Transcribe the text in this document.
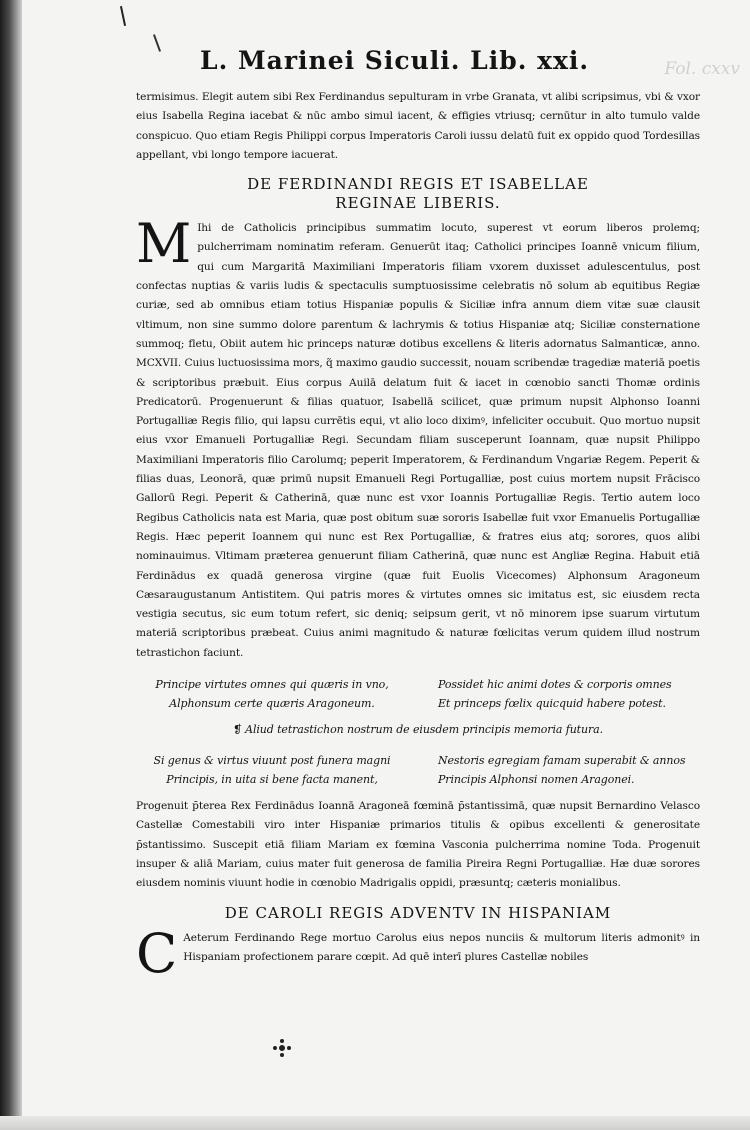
Fol. cxxv
L. Marinei Siculi. Lib. xxi.

termisimus. Elegit autem sibi Rex Ferdinandus sepulturam in vrbe Granata, vt alibi scripsimus, vbi & vxor eius Isabella Regina iacebat & nūc ambo simul iacent, & effigies vtriusq; cernūtur in alto tumulo valde conspicuo. Quo etiam Regis Philippi corpus Imperatoris Caroli iussu delatū fuit ex oppido quod Tordesillas appellant, vbi longo tempore iacuerat.

DE FERDINANDI REGIS ET ISABELLAE
REGINAE LIBERIS.

M Ihi de Catholicis principibus summatim locuto, superest vt eorum liberos prolemq; pulcherrimam nominatim referam. Genuerūt itaq; Catholici principes Ioannē vnicum filium, qui cum Margaritā Maximiliani Imperatoris filiam vxorem duxisset adulescentulus, post confectas nuptias & variis ludis & spectaculis sumptuosissime celebratis nō solum ab equitibus Regiæ curiæ, sed ab omnibus etiam totius Hispaniæ populis & Siciliæ infra annum diem vitæ suæ clausit vltimum, non sine summo dolore parentum & lachrymis & totius Hispaniæ atq; Siciliæ consternatione summoq; fletu, Obiit autem hic princeps naturæ dotibus excellens & literis adornatus Salmanticæ, anno. MCXVII. Cuius luctuosissima mors, q̃ maximo gaudio successit, nouam scribendæ tragediæ materiā poetis & scriptoribus præbuit. Eius corpus Auilā delatum fuit & iacet in cœnobio sancti Thomæ ordinis Predicatorū. Progenuerunt & filias quatuor, Isabellā scilicet, quæ primum nupsit Alphonso Ioanni Portugalliæ Regis filio, qui lapsu currētis equi, vt alio loco diximꝰ, infeliciter occubuit. Quo mortuo nupsit eius vxor Emanueli Portugalliæ Regi. Secundam filiam susceperunt Ioannam, quæ nupsit Philippo Maximiliani Imperatoris filio Carolumq; peperit Imperatorem, & Ferdinandum Vngariæ Regem. Peperit & filias duas, Leonorā, quæ primū nupsit Emanueli Regi Portugalliæ, post cuius mortem nupsit Frācisco Gallorū Regi. Peperit & Catherinā, quæ nunc est vxor Ioannis Portugalliæ Regis. Tertio autem loco Regibus Catholicis nata est Maria, quæ post obitum suæ sororis Isabellæ fuit vxor Emanuelis Portugalliæ Regis. Hæc peperit Ioannem qui nunc est Rex Portugalliæ, & fratres eius atq; sorores, quos alibi nominauimus. Vltimam præterea genuerunt filiam Catherinā, quæ nunc est Angliæ Regina. Habuit etiā Ferdinādus ex quadā generosa virgine (quæ fuit Euolis Vicecomes) Alphonsum Aragoneum Cæsaraugustanum Antistitem. Qui patris mores & virtutes omnes sic imitatus est, sic eiusdem recta vestigia secutus, sic eum totum refert, sic deniq; seipsum gerit, vt nō minorem ipse suarum virtutum materiā scriptoribus præbeat. Cuius animi magnitudo & naturæ fœlicitas verum quidem illud nostrum tetrastichon faciunt.

Principe virtutes omnes qui quæris in vno,	Possidet hic animi dotes & corporis omnes
Alphonsum certe quæris Aragoneum.	Et princeps fœlix quicquid habere potest.
❡ Aliud tetrastichon nostrum de eiusdem principis memoria futura.
Si genus & virtus viuunt post funera magni	Nestoris egregiam famam superabit & annos
Principis, in uita si bene facta manent,	Principis Alphonsi nomen Aragonei.

Progenuit p̄terea Rex Ferdinādus Ioannā Aragoneā fœminā p̄stantissimā, quæ nupsit Bernardino Velasco Castellæ Comestabili viro inter Hispaniæ primarios titulis & opibus excellenti & generositate p̄stantissimo. Suscepit etiā filiam Mariam ex fœmina Vasconia pulcherrima nomine Toda. Progenuit insuper & aliā Mariam, cuius mater fuit generosa de familia Pireira Regni Portugalliæ. Hæ duæ sorores eiusdem nominis viuunt hodie in cœnobio Madrigalis oppidi, præsuntq; cæteris monialibus.

DE CAROLI REGIS ADVENTV IN HISPANIAM

C Aeterum Ferdinando Rege mortuo Carolus eius nepos nunciis & multorum literis admonitꝰ in Hispaniam profectionem parare cœpit. Ad quē interī plures Castellæ nobiles
